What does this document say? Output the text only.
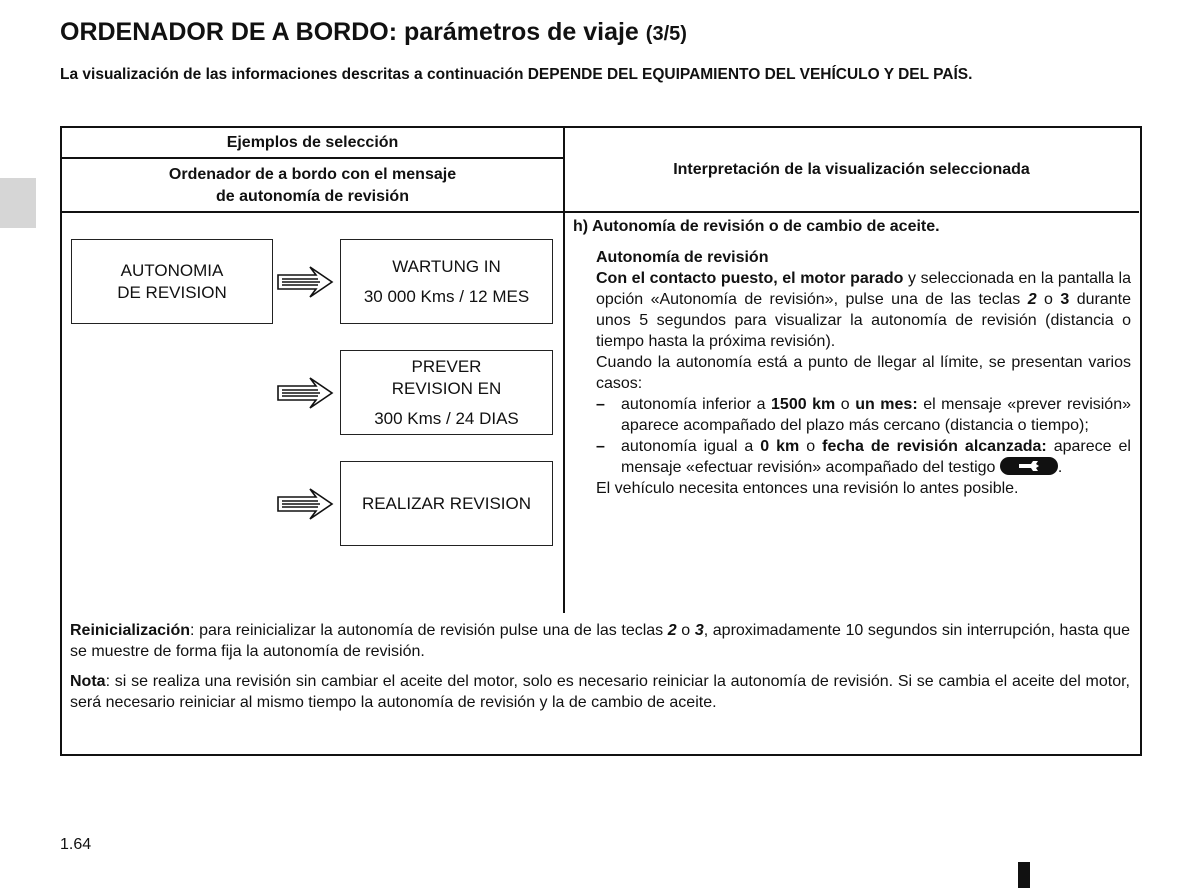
ORDENADOR DE A BORDO: parámetros de viaje (3/5)
La visualización de las informaciones descritas a continuación DEPENDE DEL EQUIPAMIENTO DEL VEHÍCULO Y DEL PAÍS.
Ejemplos de selección
Ordenador de a bordo con el mensaje
de autonomía de revisión
Interpretación de la visualización seleccionada
AUTONOMIA
DE REVISION
WARTUNG IN
30 000 Kms / 12 MES
PREVER
REVISION EN
300 Kms / 24 DIAS
REALIZAR REVISION
h) Autonomía de revisión o de cambio de aceite.
Autonomía de revisión

Con el contacto puesto, el motor parado y seleccionada en la pantalla la opción «Autonomía de revisión», pulse una de las teclas 2 o 3 durante unos 5 segundos para visualizar la autonomía de revisión (distancia o tiempo hasta la próxima revisión).

Cuando la autonomía está a punto de llegar al límite, se presentan varios casos:

–	autonomía inferior a 1500 km o un mes: el mensaje «prever revisión» aparece acompañado del plazo más cercano (distancia o tiempo);
–	autonomía igual a 0 km o fecha de revisión alcanzada: aparece el mensaje «efectuar revisión» acompañado del testigo	.

El vehículo necesita entonces una revisión lo antes posible.

Reinicialización: para reinicializar la autonomía de revisión pulse una de las teclas 2 o 3, aproximadamente 10 segundos sin interrupción, hasta que se muestre de forma fija la autonomía de revisión.

Nota: si se realiza una revisión sin cambiar el aceite del motor, solo es necesario reiniciar la autonomía de revisión. Si se cambia el aceite del motor, será necesario reiniciar al mismo tiempo la autonomía de revisión y la de cambio de aceite.

1.64
